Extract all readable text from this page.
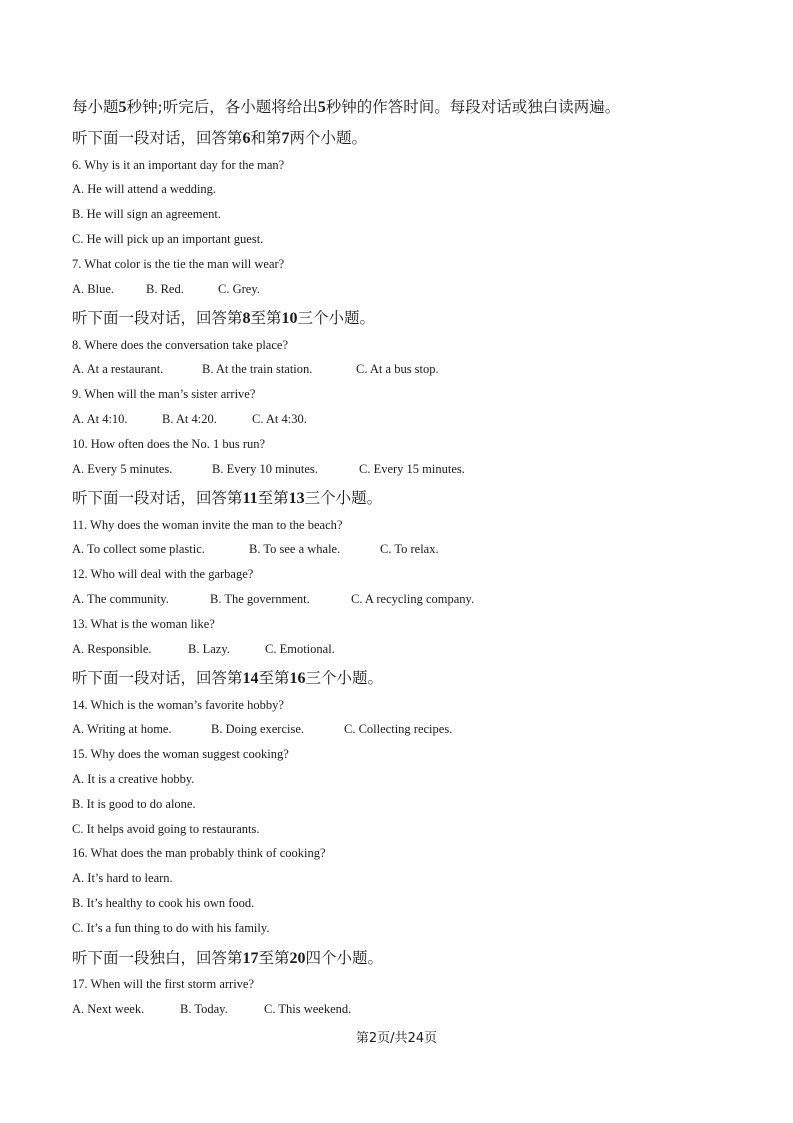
每小题5秒钟;听完后，各小题将给出5秒钟的作答时间。每段对话或独白读两遍。
听下面一段对话，回答第6和第7两个小题。
6. Why is it an important day for the man?
A. He will attend a wedding.
B. He will sign an agreement.
C. He will pick up an important guest.
7. What color is the tie the man will wear?
A. Blue.	B. Red.	C. Grey.
听下面一段对话，回答第8至第10三个小题。
8. Where does the conversation take place?
A. At a restaurant.	B. At the train station.	C. At a bus stop.
9. When will the man’s sister arrive?
A. At 4:10.	B. At 4:20.	C. At 4:30.
10. How often does the No. 1 bus run?
A. Every 5 minutes.	B. Every 10 minutes.	C. Every 15 minutes.
听下面一段对话，回答第11至第13三个小题。
11. Why does the woman invite the man to the beach?
A. To collect some plastic.	B. To see a whale.	C. To relax.
12. Who will deal with the garbage?
A. The community.	B. The government.	C. A recycling company.
13. What is the woman like?
A. Responsible.	B. Lazy.	C. Emotional.
听下面一段对话，回答第14至第16三个小题。
14. Which is the woman’s favorite hobby?
A. Writing at home.	B. Doing exercise.	C. Collecting recipes.
15. Why does the woman suggest cooking?
A. It is a creative hobby.
B. It is good to do alone.
C. It helps avoid going to restaurants.
16. What does the man probably think of cooking?
A. It’s hard to learn.
B. It’s healthy to cook his own food.
C. It’s a fun thing to do with his family.
听下面一段独白，回答第17至第20四个小题。
17. When will the first storm arrive?
A. Next week.	B. Today.	C. This weekend.
第2页/共24页
